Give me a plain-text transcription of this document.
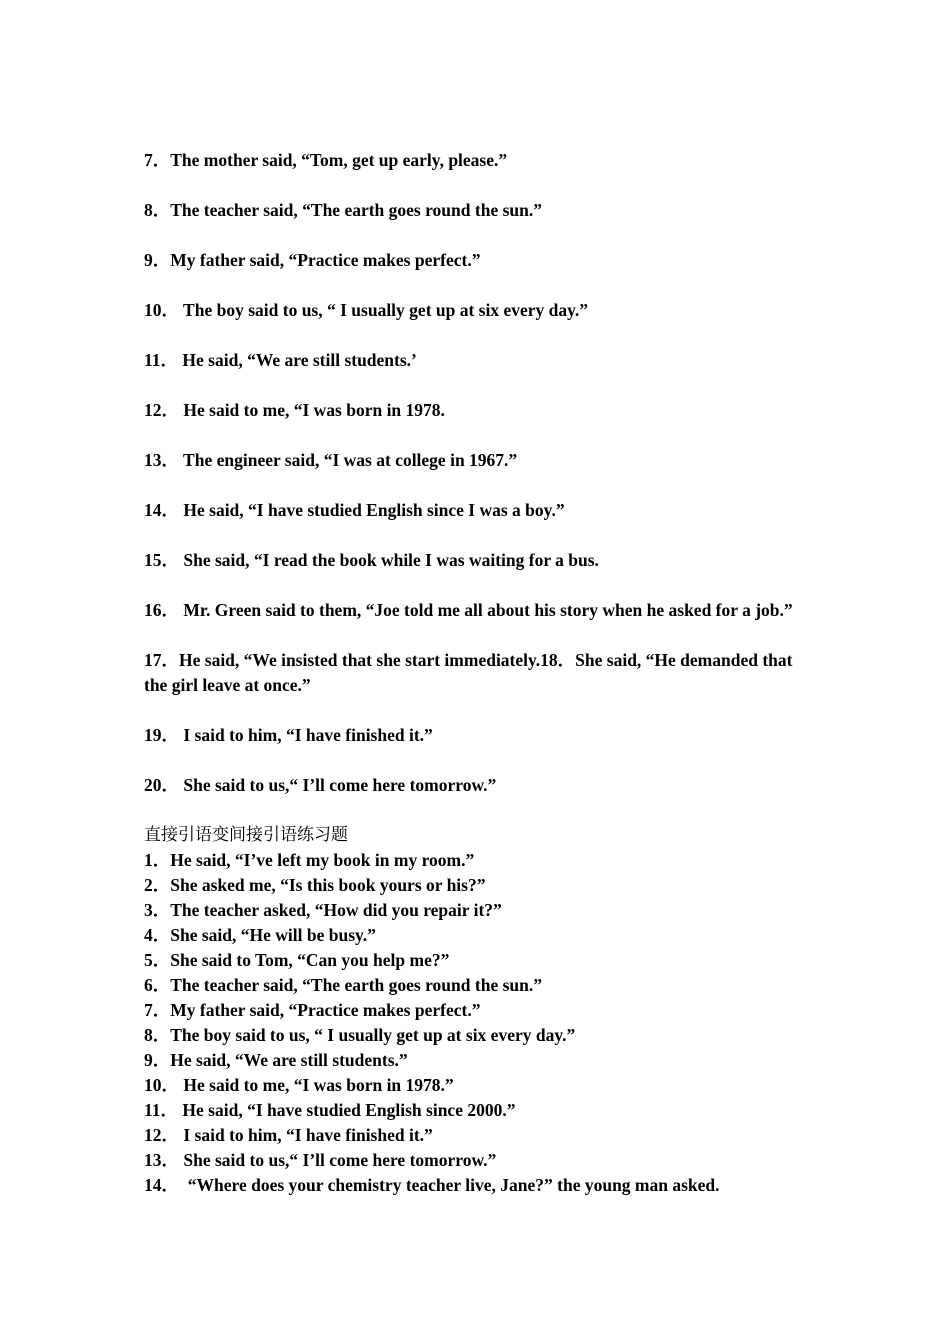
7．The mother said, “Tom, get up early, please.”

8．The teacher said, “The earth goes round the sun.”

9．My father said, “Practice makes perfect.”

10． The boy said to us, “ I usually get up at six every day.”

11． He said, “We are still students.’

12． He said to me, “I was born in 1978.

13． The engineer said, “I was at college in 1967.”

14． He said, “I have studied English since I was a boy.”

15． She said, “I read the book while I was waiting for a bus.

16． Mr. Green said to them, “Joe told me all about his story when he asked for a job.”

17．He said, “We insisted that she start immediately.18．She said, “He demanded that the girl leave at once.”

19． I said to him, “I have finished it.”

20． She said to us,“ I’ll come here tomorrow.”

直接引语变间接引语练习题

1．He said, “I’ve left my book in my room.”

2．She asked me, “Is this book yours or his?”

3．The teacher asked, “How did you repair it?”

4．She said, “He will be busy.”

5．She said to Tom, “Can you help me?”

6．The teacher said, “The earth goes round the sun.”

7．My father said, “Practice makes perfect.”

8．The boy said to us, “ I usually get up at six every day.”

9．He said, “We are still students.”

10． He said to me, “I was born in 1978.”

11． He said, “I have studied English since 2000.”

12． I said to him, “I have finished it.”

13． She said to us,“ I’ll come here tomorrow.”

14．  “Where does your chemistry teacher live, Jane?” the young man asked.
